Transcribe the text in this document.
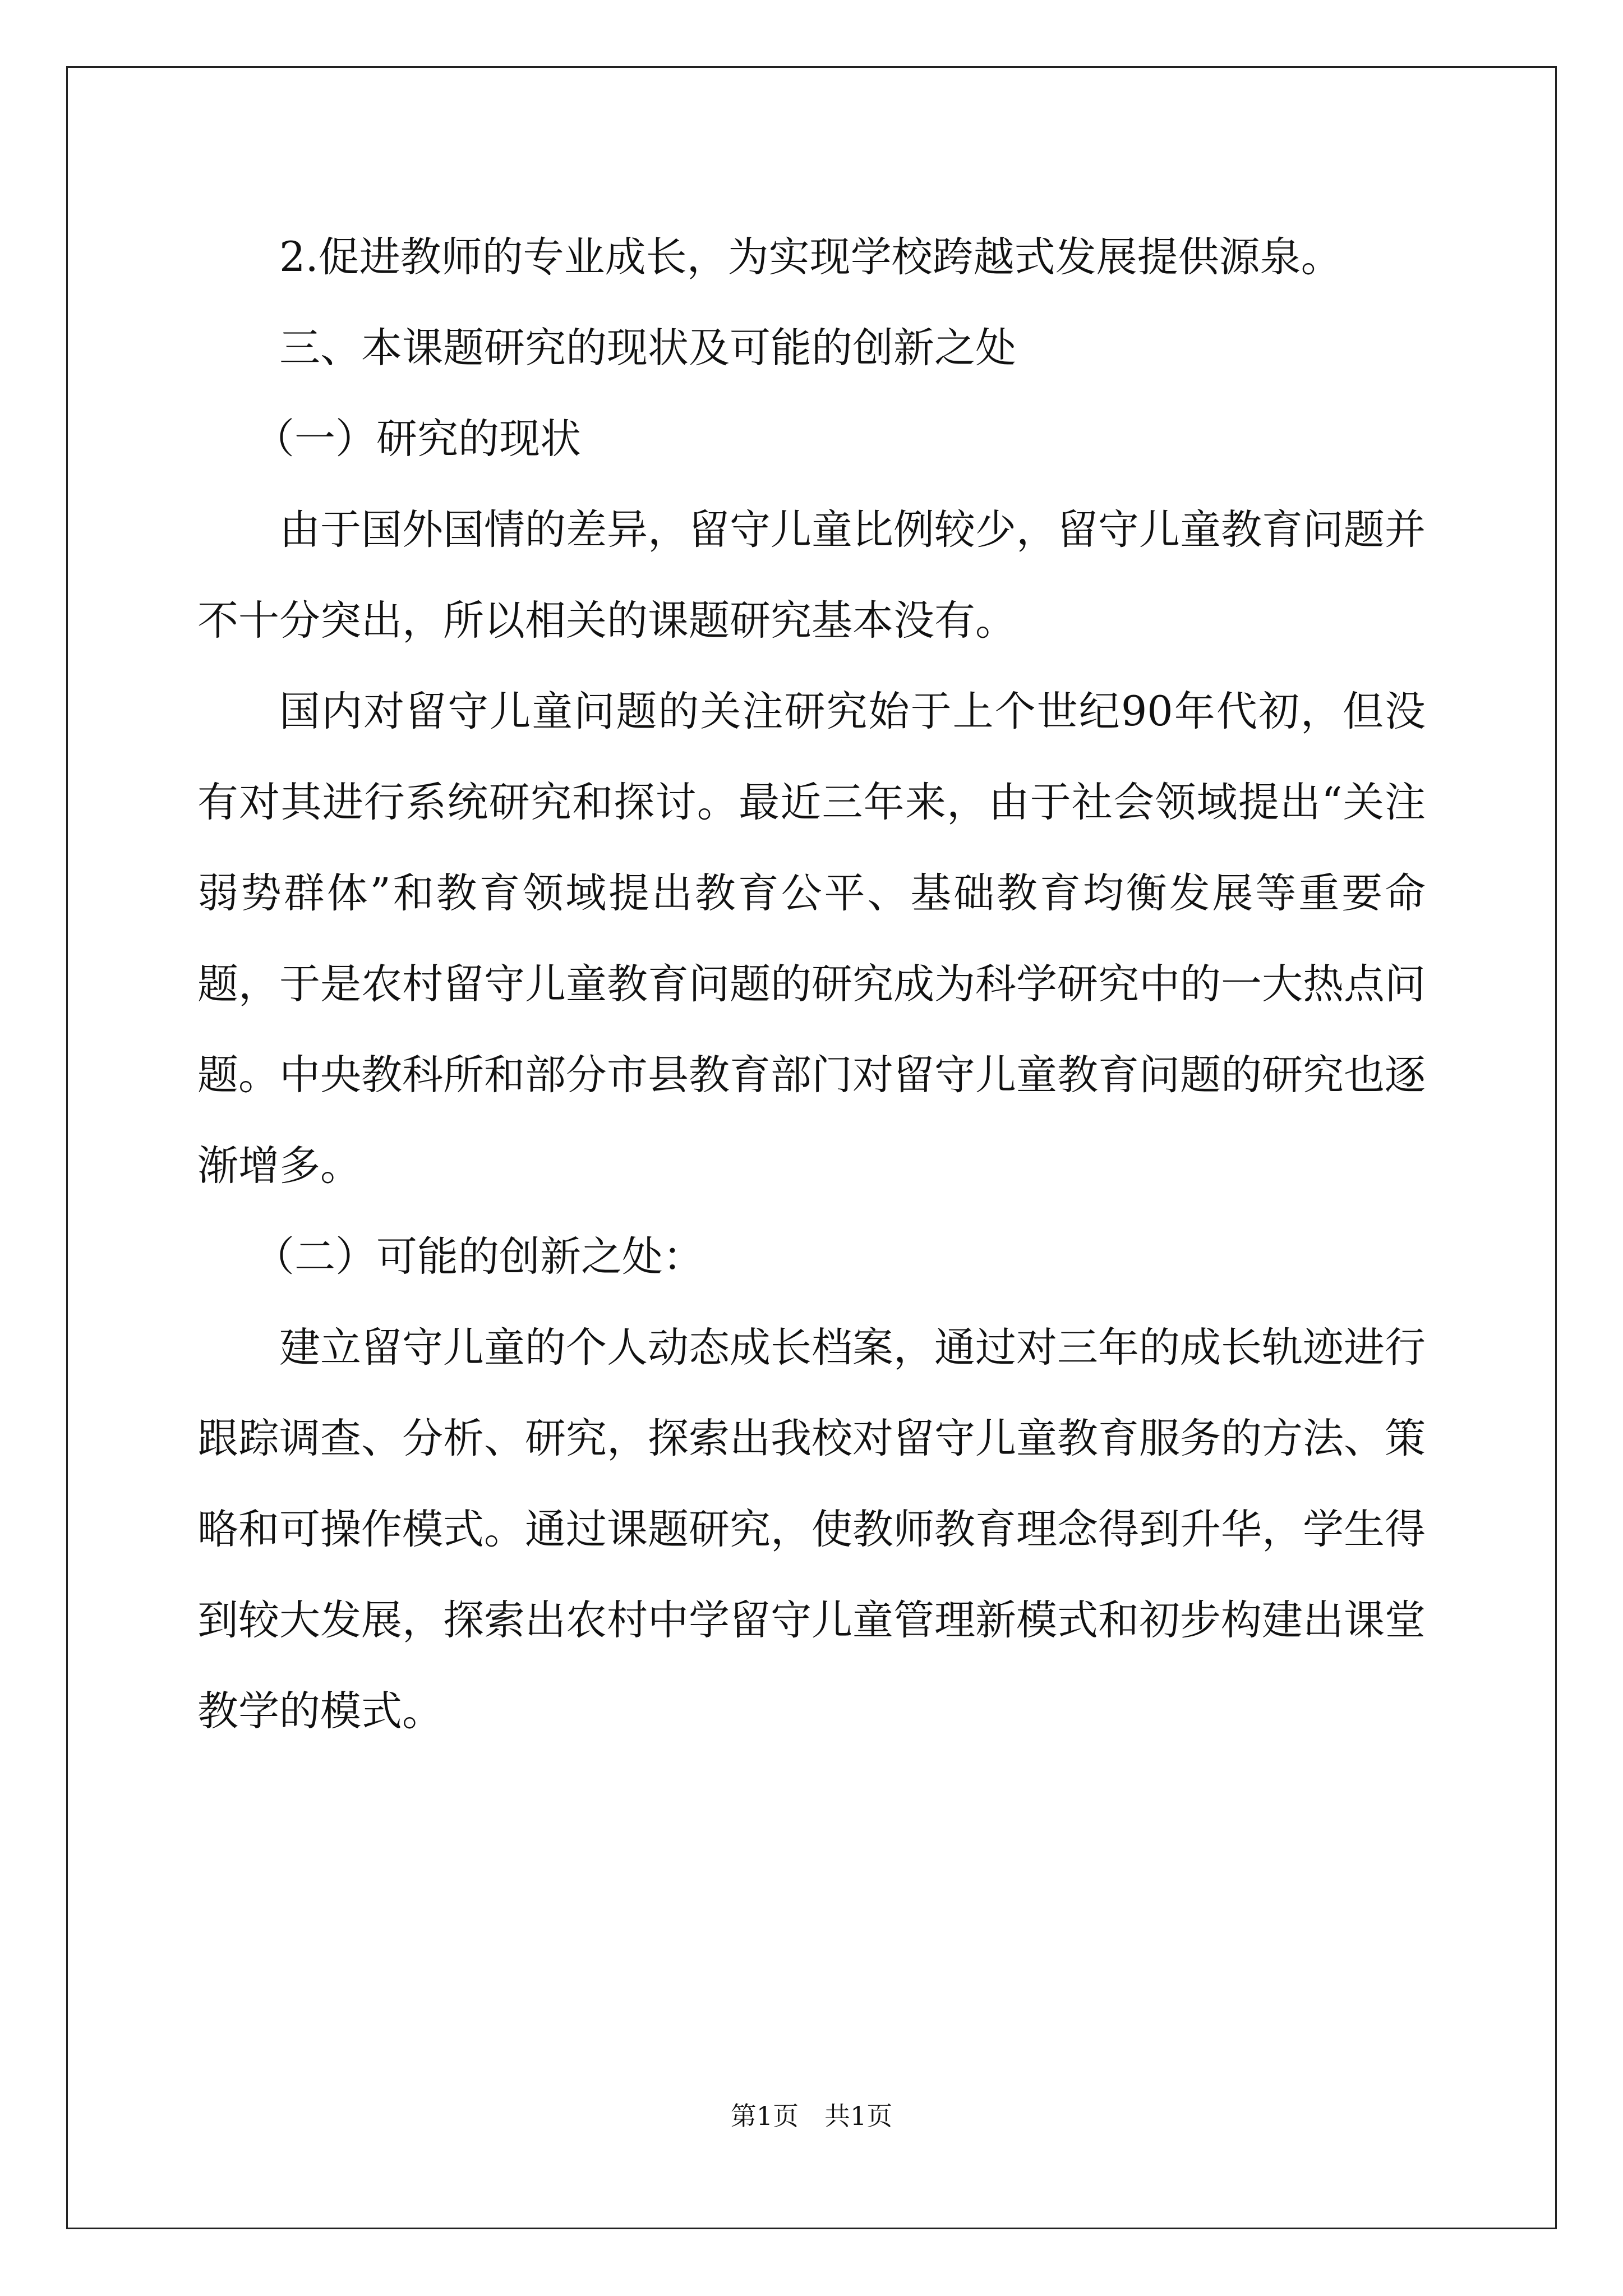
2.促进教师的专业成长，为实现学校跨越式发展提供源泉。

三、本课题研究的现状及可能的创新之处

（一）研究的现状

由于国外国情的差异，留守儿童比例较少，留守儿童教育问题并不十分突出，所以相关的课题研究基本没有。

国内对留守儿童问题的关注研究始于上个世纪90年代初，但没有对其进行系统研究和探讨。最近三年来，由于社会领域提出“关注弱势群体”和教育领域提出教育公平、基础教育均衡发展等重要命题，于是农村留守儿童教育问题的研究成为科学研究中的一大热点问题。中央教科所和部分市县教育部门对留守儿童教育问题的研究也逐渐增多。

（二）可能的创新之处：

建立留守儿童的个人动态成长档案，通过对三年的成长轨迹进行跟踪调查、分析、研究，探索出我校对留守儿童教育服务的方法、策略和可操作模式。通过课题研究，使教师教育理念得到升华，学生得到较大发展，探索出农村中学留守儿童管理新模式和初步构建出课堂教学的模式。

第1页　共1页
